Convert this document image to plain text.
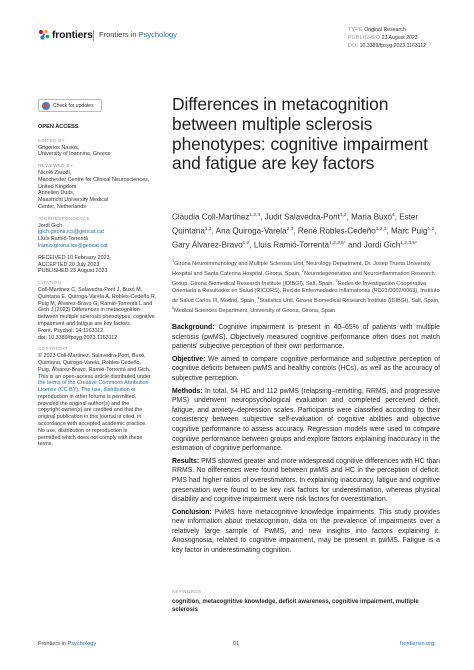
frontiers Frontiers in Psychology	TYPE Original Research
PUBLISHED 23 August 2023
DOI 10.3389/fpsyg.2023.1163112
Check for updates
OPEN ACCESS
EDITED BY
Grigorios Nasios,
University of Ioannina, Greece
REVIEWED BY
Nicolò Zarotti,
Manchester Centre for Clinical Neurosciences,
United Kingdom
Annelien Duits,
Maastricht University Medical
Center, Netherlands
*CORRESPONDENCE
Jordi Gich
jgich.girona.ics@gencat.cat
Lluís Ramió-Torrentà
lramio.girona.ics@gencat.cat
RECEIVED 10 February 2023
ACCEPTED 20 July 2023
PUBLISHED 23 August 2023
CITATION
Coll-Martinez C, Salavedra-Pont J, Buxó M,
Quintana E, Quiroga-Varela A, Robles-Cedeño R,
Puig M, Álvarez-Bravo G, Ramió-Torrentà L and
Gich J (2023) Differences in metacognition
between multiple sclerosis phenotypes: cognitive
impairment and fatigue are key factors.
Front. Psychol. 14:1163112.
doi: 10.3389/fpsyg.2023.1163112
COPYRIGHT
© 2023 Coll-Martinez, Salavedra-Pont, Buxó,
Quintana, Quiroga-Varela, Robles-Cedeño,
Puig, Álvarez-Bravo, Ramió-Torrentà and Gich.
This is an open-access article distributed under
the terms of the Creative Commons Attribution
License (CC BY). The use, distribution or
reproduction in other forums is permitted,
provided the original author(s) and the
copyright owner(s) are credited and that the
original publication in this journal is cited, in
accordance with accepted academic practice.
No use, distribution or reproduction is
permitted which does not comply with these
terms.
Differences in metacognition between multiple sclerosis phenotypes: cognitive impairment and fatigue are key factors
Clàudia Coll-Martinez$^{1,2,3}$, Judit Salavedra-Pont$^{1,2}$, Maria Buxó$^4$, Ester Quintana$^{1,2}$, Ana Quiroga-Varela$^{2,3}$, René Robles-Cedeño$^{1,2,3}$, Marc Puig$^{1,2}$, Gary Álvarez-Bravo$^{1,2}$, Lluís Ramió-Torrentà$^{1,2,3,5*}$ and Jordi Gich$^{1,2,3,5*}$
$^1$Girona Neuroimmunology and Multiple Sclerosis Unit, Neurology Department, Dr. Josep Trueta University Hospital and Santa Caterina Hospital, Girona, Spain, $^2$Neurodegeneration and Neuroinflammation Research Group, Girona Biomedical Research Institute (IDIBGI), Salt, Spain, $^3$Redes de Investigación Cooperativa Orientada a Resultados en Salud (RICORS), Red de Enfermedades inflamatorias (RD21/0002/0063), Instituto de Salud Carlos III, Madrid, Spain, $^4$Statistics Unit, Girona Biomedical Research Institute (IDIBGI), Salt, Spain, $^5$Medical Sciences Department, University of Girona, Girona, Spain

Background: Cognitive impairment is present in 40–65% of patients with multiple sclerosis (pwMS). Objectively measured cognitive performance often does not match patients' subjective perception of their own performance.

Objective: We aimed to compare cognitive performance and subjective perception of cognitive deficits between pwMS and healthy controls (HCs), as well as the accuracy of subjective perception.

Methods: In total, 54 HC and 112 pwMS (relapsing–remitting, RRMS, and progressive PMS) underwent neuropsychological evaluation and completed perceived deficit, fatigue, and anxiety–depression scales. Participants were classified according to their consistency between subjective self-evaluation of cognitive abilities and objective cognitive performance to assess accuracy. Regression models were used to compare cognitive performance between groups and explore factors explaining inaccuracy in the estimation of cognitive performance.

Results: PMS showed greater and more widespread cognitive differences with HC than RRMS. No differences were found between pwMS and HC in the perception of deficit. PMS had higher ratios of overestimators. In explaining inaccuracy, fatigue and cognitive preservation were found to be key risk factors for underestimation, whereas physical disability and cognitive impairment were risk factors for overestimation.

Conclusion: PwMS have metacognitive knowledge impairments. This study provides new information about metacognition, data on the prevalence of impairments over a relatively large sample of PwMS, and new insights into factors explaining it. Anosognosia, related to cognitive impairment, may be present in pwMS. Fatigue is a key factor in underestimating cognition.

KEYWORDS
cognition, metacognitive knowledge, deficit awareness, cognitive impairment, multiple sclerosis
Frontiers in Psychology	01	frontiersin.org
